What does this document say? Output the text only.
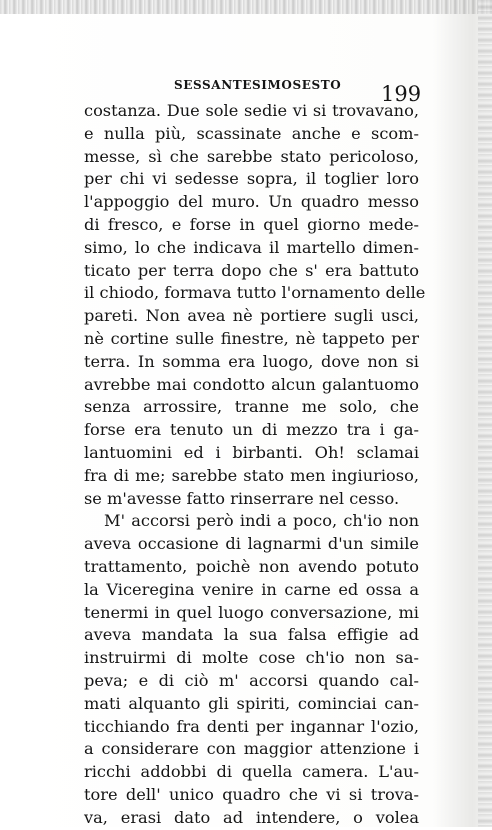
SESSANTESIMOSESTO 199
costanza. Due sole sedie vi si trovavano,
e nulla più, scassinate anche e scom-
messe, sì che sarebbe stato pericoloso,
per chi vi sedesse sopra, il toglier loro
l'appoggio del muro. Un quadro messo
di fresco, e forse in quel giorno mede-
simo, lo che indicava il martello dimen-
ticato per terra dopo che s' era battuto
il chiodo, formava tutto l'ornamento delle
pareti. Non avea nè portiere sugli usci,
nè cortine sulle finestre, nè tappeto per
terra. In somma era luogo, dove non si
avrebbe mai condotto alcun galantuomo
senza arrossire, tranne me solo, che
forse era tenuto un di mezzo tra i ga-
lantuomini ed i birbanti. Oh! sclamai
fra di me; sarebbe stato men ingiurioso,
se m'avesse fatto rinserrare nel cesso.
M' accorsi però indi a poco, ch'io non
aveva occasione di lagnarmi d'un simile
trattamento, poichè non avendo potuto
la Viceregina venire in carne ed ossa a
tenermi in quel luogo conversazione, mi
aveva mandata la sua falsa effigie ad
instruirmi di molte cose ch'io non sa-
peva; e di ciò m' accorsi quando cal-
mati alquanto gli spiriti, cominciai can-
ticchiando fra denti per ingannar l'ozio,
a considerare con maggior attenzione i
ricchi addobbi di quella camera. L'au-
tore dell' unico quadro che vi si trova-
va, erasi dato ad intendere, o volea
